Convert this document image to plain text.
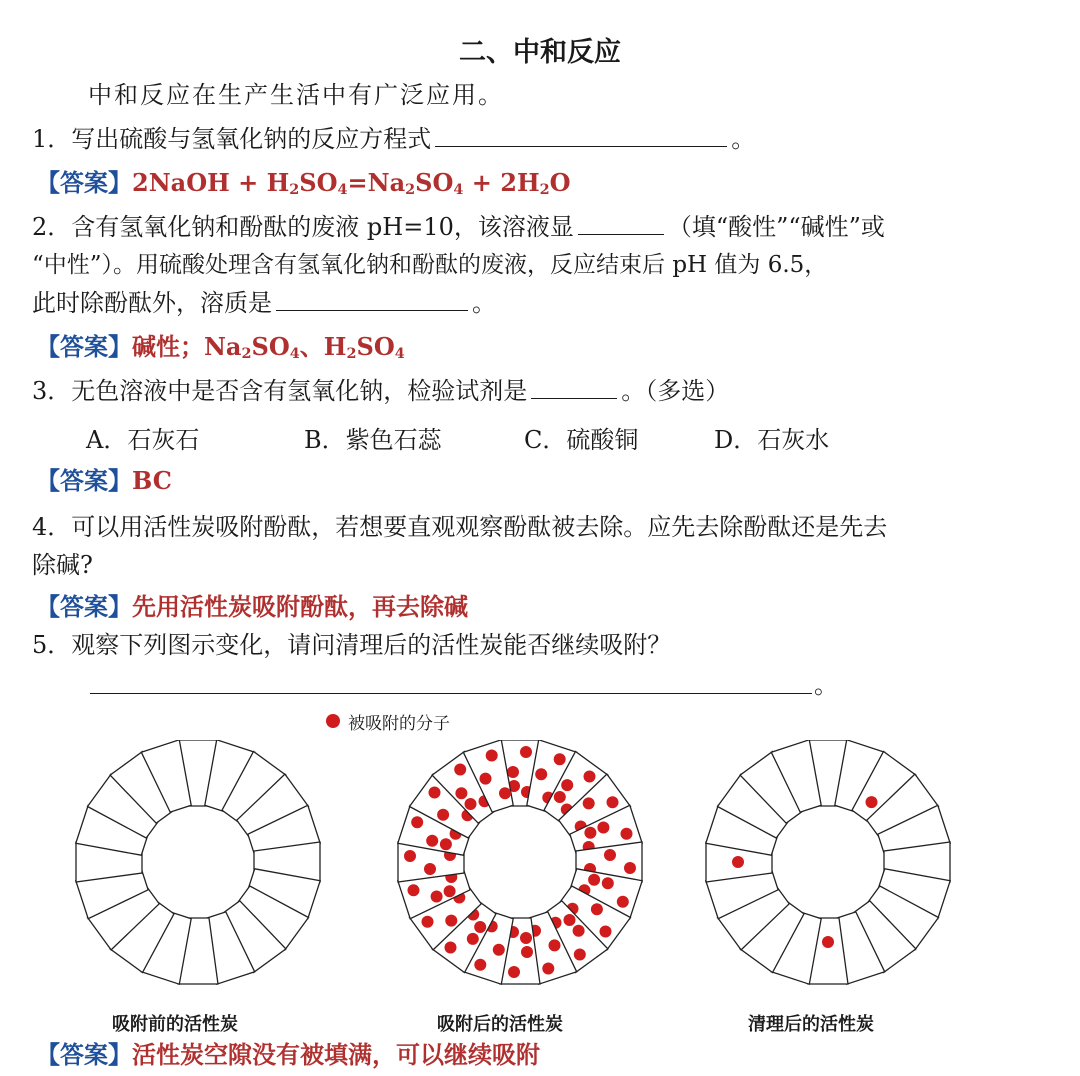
二、中和反应
中和反应在生产生活中有广泛应用。
1．写出硫酸与氢氧化钠的反应方程式	。
【答案】2NaOH + $H_2SO_4=Na_2SO_4 + 2H_2O$
2．含有氢氧化钠和酚酞的废液 pH=10，该溶液显	（填“酸性”“碱性”或
“中性”）。用硫酸处理含有氢氧化钠和酚酞的废液，反应结束后 pH 值为 6.5，
此时除酚酞外，溶质是	。
【答案】碱性；$Na_2SO_4$、$H_2SO_4$
3．无色溶液中是否含有氢氧化钠，检验试剂是	。（多选）
A．石灰石	B．紫色石蕊	C．硫酸铜	D．石灰水
【答案】BC
4．可以用活性炭吸附酚酞，若想要直观观察酚酞被去除。应先去除酚酞还是先去
除碱?
【答案】先用活性炭吸附酚酞，再去除碱
5．观察下列图示变化，请问清理后的活性炭能否继续吸附？
。
被吸附的分子
吸附前的活性炭	吸附后的活性炭	清理后的活性炭
【答案】活性炭空隙没有被填满，可以继续吸附
